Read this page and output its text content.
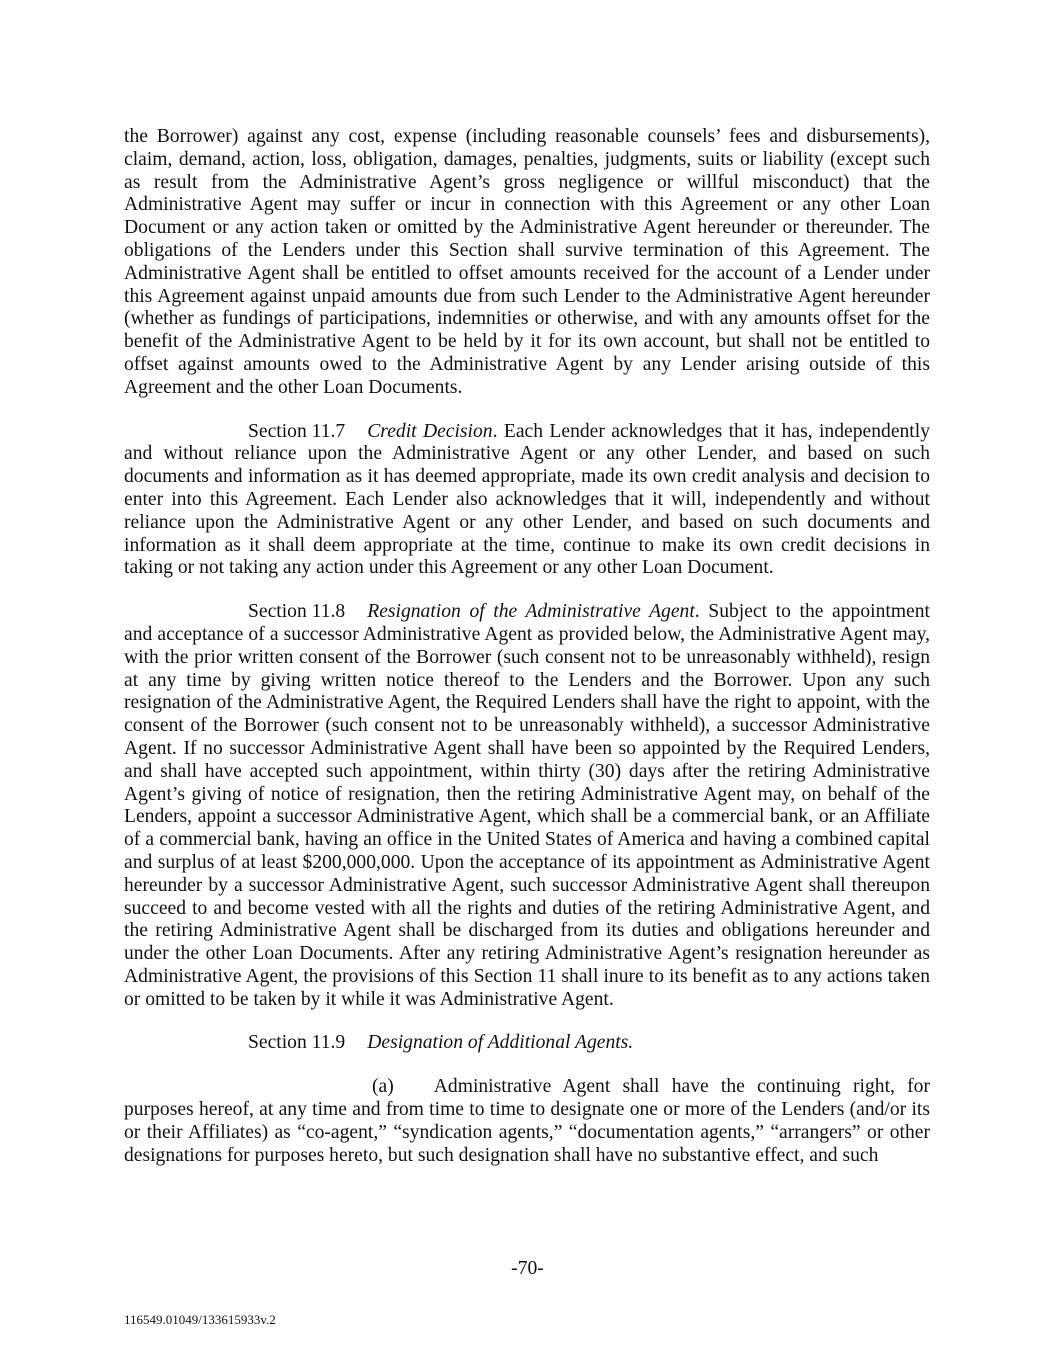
the Borrower) against any cost, expense (including reasonable counsels’ fees and disbursements), claim, demand, action, loss, obligation, damages, penalties, judgments, suits or liability (except such as result from the Administrative Agent’s gross negligence or willful misconduct) that the Administrative Agent may suffer or incur in connection with this Agreement or any other Loan Document or any action taken or omitted by the Administrative Agent hereunder or thereunder. The obligations of the Lenders under this Section shall survive termination of this Agreement. The Administrative Agent shall be entitled to offset amounts received for the account of a Lender under this Agreement against unpaid amounts due from such Lender to the Administrative Agent hereunder (whether as fundings of participations, indemnities or otherwise, and with any amounts offset for the benefit of the Administrative Agent to be held by it for its own account, but shall not be entitled to offset against amounts owed to the Administrative Agent by any Lender arising outside of this Agreement and the other Loan Documents.

Section 11.7 Credit Decision. Each Lender acknowledges that it has, independently and without reliance upon the Administrative Agent or any other Lender, and based on such documents and information as it has deemed appropriate, made its own credit analysis and decision to enter into this Agreement. Each Lender also acknowledges that it will, independently and without reliance upon the Administrative Agent or any other Lender, and based on such documents and information as it shall deem appropriate at the time, continue to make its own credit decisions in taking or not taking any action under this Agreement or any other Loan Document.

Section 11.8 Resignation of the Administrative Agent. Subject to the appointment and acceptance of a successor Administrative Agent as provided below, the Administrative Agent may, with the prior written consent of the Borrower (such consent not to be unreasonably withheld), resign at any time by giving written notice thereof to the Lenders and the Borrower. Upon any such resignation of the Administrative Agent, the Required Lenders shall have the right to appoint, with the consent of the Borrower (such consent not to be unreasonably withheld), a successor Administrative Agent. If no successor Administrative Agent shall have been so appointed by the Required Lenders, and shall have accepted such appointment, within thirty (30) days after the retiring Administrative Agent’s giving of notice of resignation, then the retiring Administrative Agent may, on behalf of the Lenders, appoint a successor Administrative Agent, which shall be a commercial bank, or an Affiliate of a commercial bank, having an office in the United States of America and having a combined capital and surplus of at least $200,000,000. Upon the acceptance of its appointment as Administrative Agent hereunder by a successor Administrative Agent, such successor Administrative Agent shall thereupon succeed to and become vested with all the rights and duties of the retiring Administrative Agent, and the retiring Administrative Agent shall be discharged from its duties and obligations hereunder and under the other Loan Documents. After any retiring Administrative Agent’s resignation hereunder as Administrative Agent, the provisions of this Section 11 shall inure to its benefit as to any actions taken or omitted to be taken by it while it was Administrative Agent.

Section 11.9 Designation of Additional Agents.

(a) Administrative Agent shall have the continuing right, for purposes hereof, at any time and from time to time to designate one or more of the Lenders (and/or its or their Affiliates) as “co-agent,” “syndication agents,” “documentation agents,” “arrangers” or other designations for purposes hereto, but such designation shall have no substantive effect, and such

-70-
116549.01049/133615933v.2
